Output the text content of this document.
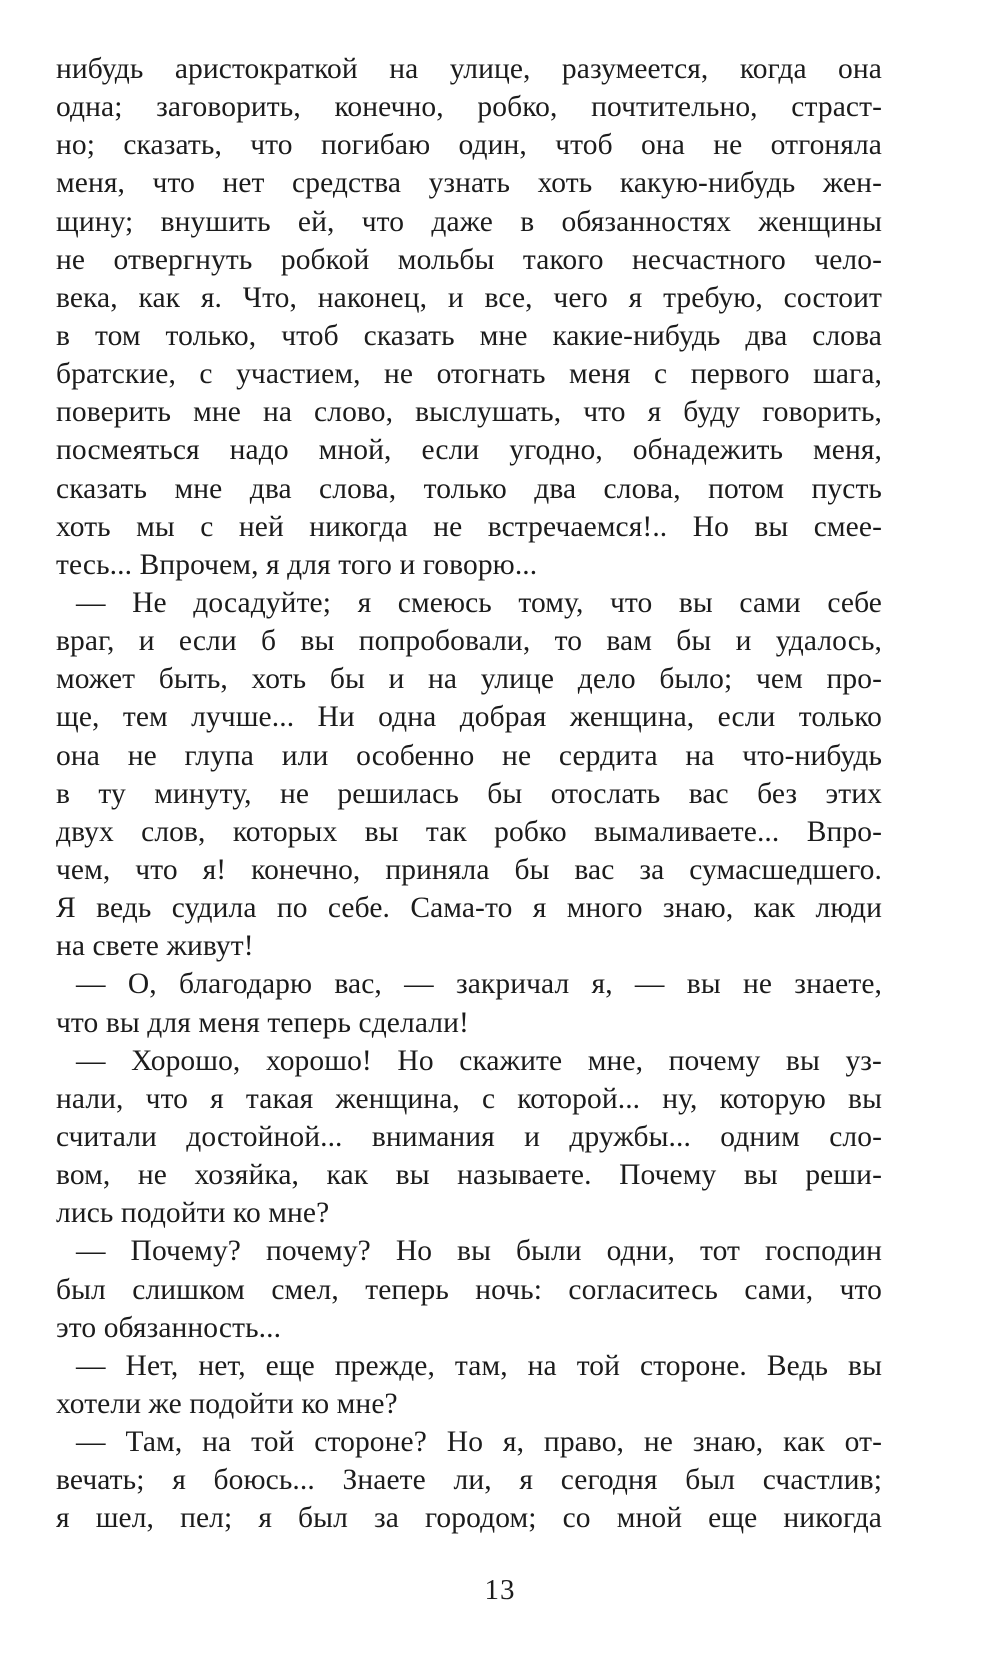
нибудь аристократкой на улице, разумеется, когда она
одна; заговорить, конечно, робко, почтительно, страст-
но; сказать, что погибаю один, чтоб она не отгоняла
меня, что нет средства узнать хоть какую-нибудь жен-
щину; внушить ей, что даже в обязанностях женщины
не отвергнуть робкой мольбы такого несчастного чело-
века, как я. Что, наконец, и все, чего я требую, состоит
в том только, чтоб сказать мне какие-нибудь два слова
братские, с участием, не отогнать меня с первого шага,
поверить мне на слово, выслушать, что я буду говорить,
посмеяться надо мной, если угодно, обнадежить меня,
сказать мне два слова, только два слова, потом пусть
хоть мы с ней никогда не встречаемся!.. Но вы смее-
тесь... Впрочем, я для того и говорю...
— Не досадуйте; я смеюсь тому, что вы сами себе
враг, и если б вы попробовали, то вам бы и удалось,
может быть, хоть бы и на улице дело было; чем про-
ще, тем лучше... Ни одна добрая женщина, если только
она не глупа или особенно не сердита на что-нибудь
в ту минуту, не решилась бы отослать вас без этих
двух слов, которых вы так робко вымаливаете... Впро-
чем, что я! конечно, приняла бы вас за сумасшедшего.
Я ведь судила по себе. Сама-то я много знаю, как люди
на свете живут!
— О, благодарю вас, — закричал я, — вы не знаете,
что вы для меня теперь сделали!
— Хорошо, хорошо! Но скажите мне, почему вы уз-
нали, что я такая женщина, с которой... ну, которую вы
считали достойной... внимания и дружбы... одним сло-
вом, не хозяйка, как вы называете. Почему вы реши-
лись подойти ко мне?
— Почему? почему? Но вы были одни, тот господин
был слишком смел, теперь ночь: согласитесь сами, что
это обязанность...
— Нет, нет, еще прежде, там, на той стороне. Ведь вы
хотели же подойти ко мне?
— Там, на той стороне? Но я, право, не знаю, как от-
вечать; я боюсь... Знаете ли, я сегодня был счастлив;
я шел, пел; я был за городом; со мной еще никогда
13
